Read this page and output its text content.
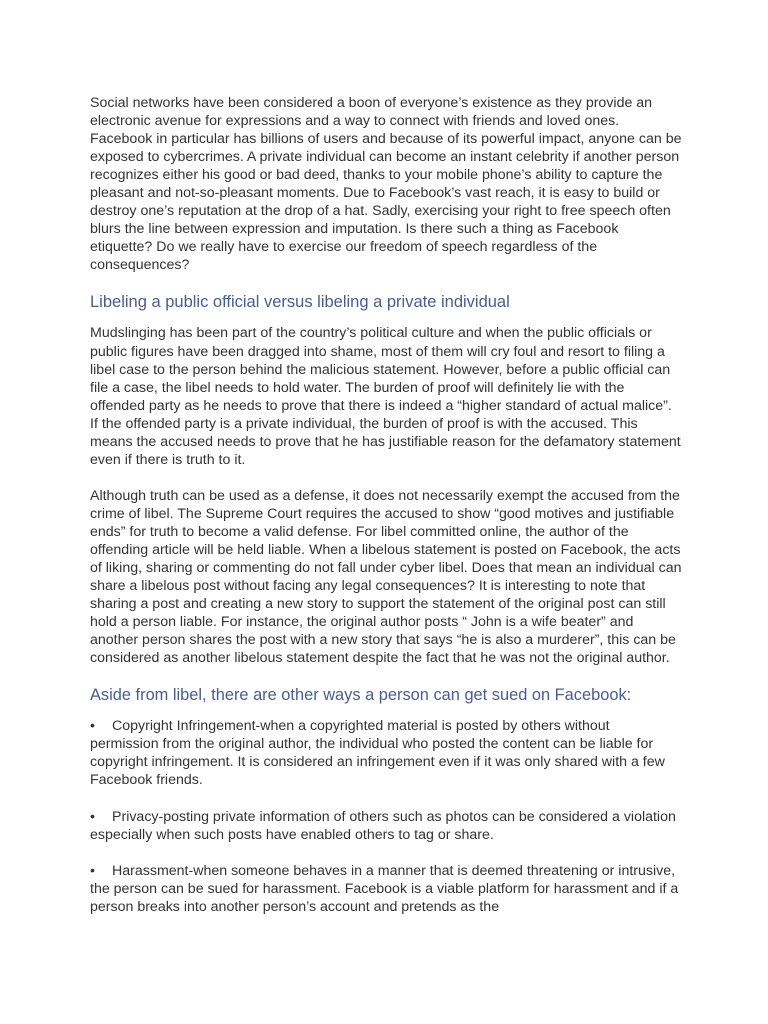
Social networks have been considered a boon of everyone’s existence as they provide an electronic avenue for expressions and a way to connect with friends and loved ones. Facebook in particular has billions of users and because of its powerful impact, anyone can be exposed to cybercrimes. A private individual can become an instant celebrity if another person recognizes either his good or bad deed, thanks to your mobile phone’s ability to capture the pleasant and not-so-pleasant moments. Due to Facebook’s vast reach, it is easy to build or destroy one’s reputation at the drop of a hat. Sadly, exercising your right to free speech often blurs the line between expression and imputation. Is there such a thing as Facebook etiquette? Do we really have to exercise our freedom of speech regardless of the consequences?

Libeling a public official versus libeling a private individual

Mudslinging has been part of the country’s political culture and when the public officials or public figures have been dragged into shame, most of them will cry foul and resort to filing a libel case to the person behind the malicious statement. However, before a public official can file a case, the libel needs to hold water. The burden of proof will definitely lie with the offended party as he needs to prove that there is indeed a “higher standard of actual malice”. If the offended party is a private individual, the burden of proof is with the accused. This means the accused needs to prove that he has justifiable reason for the defamatory statement even if there is truth to it.

Although truth can be used as a defense, it does not necessarily exempt the accused from the crime of libel. The Supreme Court requires the accused to show “good motives and justifiable ends” for truth to become a valid defense. For libel committed online, the author of the offending article will be held liable. When a libelous statement is posted on Facebook, the acts of liking, sharing or commenting do not fall under cyber libel. Does that mean an individual can share a libelous post without facing any legal consequences? It is interesting to note that sharing a post and creating a new story to support the statement of the original post can still hold a person liable. For instance, the original author posts “ John is a wife beater” and another person shares the post with a new story that says “he is also a murderer”, this can be considered as another libelous statement despite the fact that he was not the original author.

Aside from libel, there are other ways a person can get sued on Facebook:

• Copyright Infringement-when a copyrighted material is posted by others without permission from the original author, the individual who posted the content can be liable for copyright infringement. It is considered an infringement even if it was only shared with a few Facebook friends.

• Privacy-posting private information of others such as photos can be considered a violation especially when such posts have enabled others to tag or share.

• Harassment-when someone behaves in a manner that is deemed threatening or intrusive, the person can be sued for harassment. Facebook is a viable platform for harassment and if a person breaks into another person’s account and pretends as the
